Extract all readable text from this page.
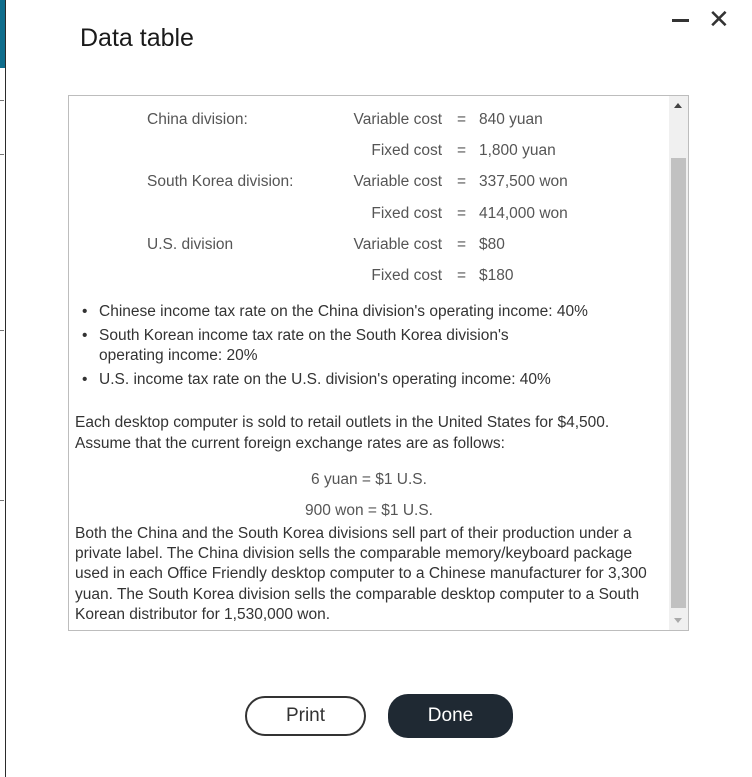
Data table
✕
China division:	Variable cost = 840 yuan
Fixed cost = 1,800 yuan
South Korea division:	Variable cost = 337,500 won
Fixed cost = 414,000 won
U.S. division	Variable cost = $80
Fixed cost = $180
• Chinese income tax rate on the China division's operating income: 40%
• South Korean income tax rate on the South Korea division's operating income: 20%
• U.S. income tax rate on the U.S. division's operating income: 40%
Each desktop computer is sold to retail outlets in the United States for $4,500. Assume that the current foreign exchange rates are as follows:
6 yuan = $1 U.S.
900 won = $1 U.S.
Both the China and the South Korea divisions sell part of their production under a private label. The China division sells the comparable memory/keyboard package used in each Office Friendly desktop computer to a Chinese manufacturer for 3,300 yuan. The South Korea division sells the comparable desktop computer to a South Korean distributor for 1,530,000 won.
Print	Done
